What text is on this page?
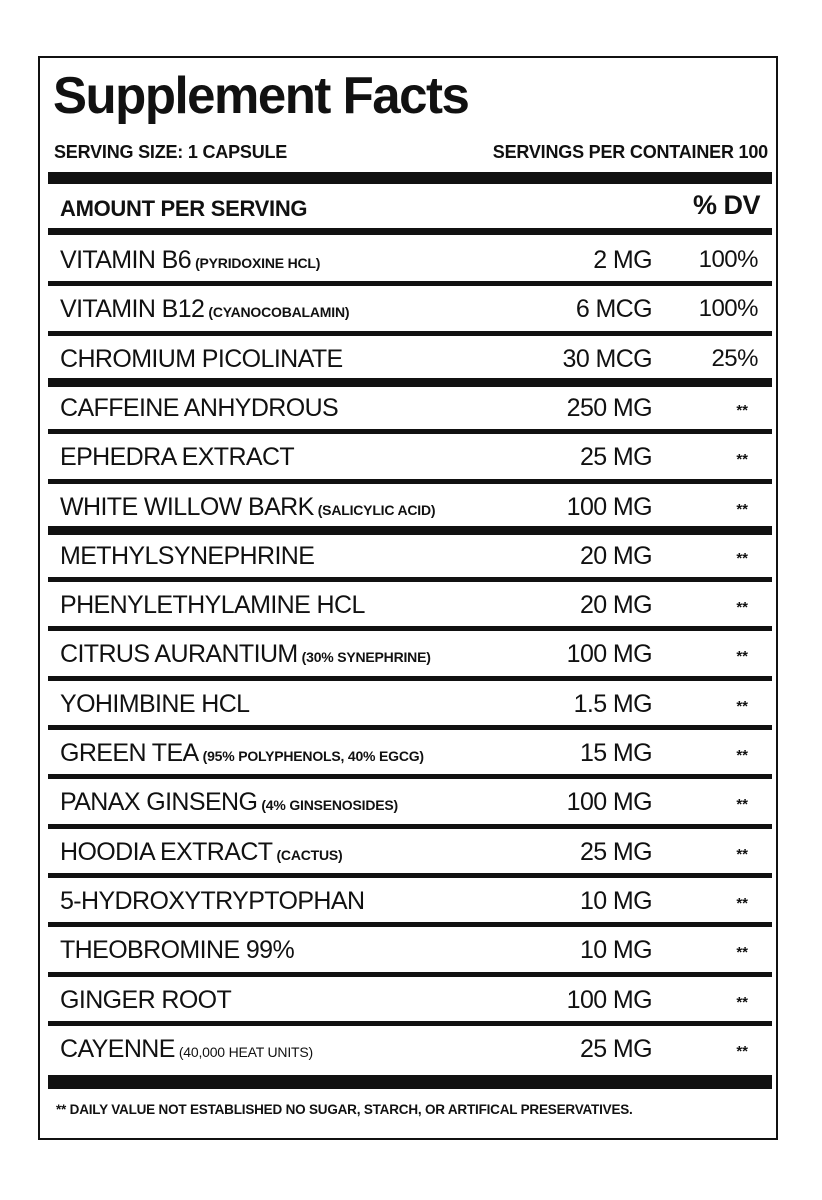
Supplement Facts
SERVING SIZE: 1 CAPSULE	SERVINGS PER CONTAINER 100
AMOUNT PER SERVING	% DV
VITAMIN B6 (PYRIDOXINE HCL)	2 MG 100%
VITAMIN B12 (CYANOCOBALAMIN)	6 MCG 100%
CHROMIUM PICOLINATE	30 MCG 25%
CAFFEINE ANHYDROUS	250 MG	**
EPHEDRA EXTRACT	25 MG	**
WHITE WILLOW BARK (SALICYLIC ACID)	100 MG	**
METHYLSYNEPHRINE	20 MG	**
PHENYLETHYLAMINE HCL	20 MG	**
CITRUS AURANTIUM (30% SYNEPHRINE)	100 MG	**
YOHIMBINE HCL	1.5 MG	**
GREEN TEA (95% POLYPHENOLS, 40% EGCG)	15 MG	**
PANAX GINSENG (4% GINSENOSIDES)	100 MG	**
HOODIA EXTRACT (CACTUS)	25 MG	**
5-HYDROXYTRYPTOPHAN	10 MG	**
THEOBROMINE 99%	10 MG	**
GINGER ROOT	100 MG	**
CAYENNE (40,000 HEAT UNITS)	25 MG	**
** DAILY VALUE NOT ESTABLISHED NO SUGAR, STARCH, OR ARTIFICAL PRESERVATIVES.
